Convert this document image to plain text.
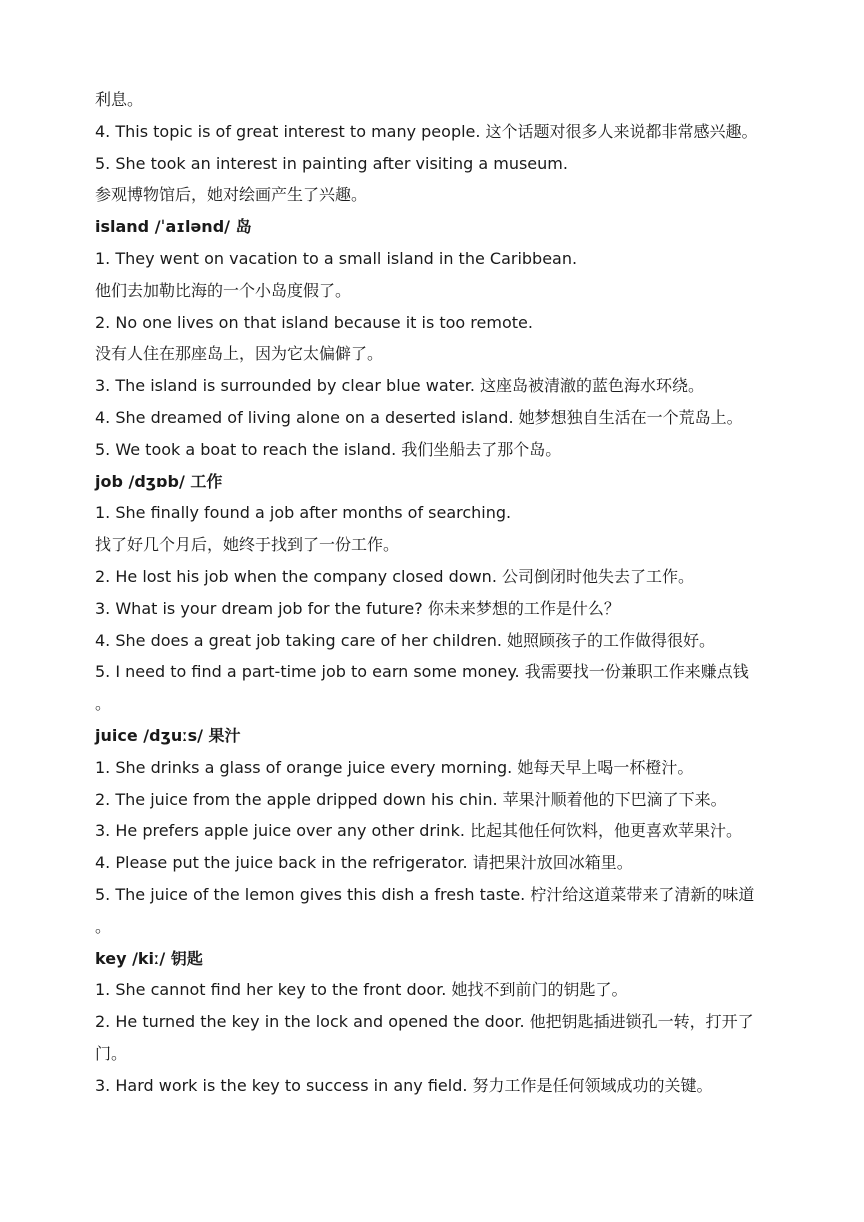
利息。
4. This topic is of great interest to many people. 这个话题对很多人来说都非常感兴趣。
5. She took an interest in painting after visiting a museum.
参观博物馆后，她对绘画产生了兴趣。
island /ˈaɪlənd/ 岛
1. They went on vacation to a small island in the Caribbean.
他们去加勒比海的一个小岛度假了。
2. No one lives on that island because it is too remote.
没有人住在那座岛上，因为它太偏僻了。
3. The island is surrounded by clear blue water. 这座岛被清澈的蓝色海水环绕。
4. She dreamed of living alone on a deserted island. 她梦想独自生活在一个荒岛上。
5. We took a boat to reach the island. 我们坐船去了那个岛。
job /dʒɒb/ 工作
1. She finally found a job after months of searching.
找了好几个月后，她终于找到了一份工作。
2. He lost his job when the company closed down. 公司倒闭时他失去了工作。
3. What is your dream job for the future? 你未来梦想的工作是什么？
4. She does a great job taking care of her children. 她照顾孩子的工作做得很好。
5. I need to find a part-time job to earn some money. 我需要找一份兼职工作来赚点钱
。
juice /dʒuːs/ 果汁
1. She drinks a glass of orange juice every morning. 她每天早上喝一杯橙汁。
2. The juice from the apple dripped down his chin. 苹果汁顺着他的下巴滴了下来。
3. He prefers apple juice over any other drink. 比起其他任何饮料，他更喜欢苹果汁。
4. Please put the juice back in the refrigerator. 请把果汁放回冰箱里。
5. The juice of the lemon gives this dish a fresh taste. 柠汁给这道菜带来了清新的味道
。
key /kiː/ 钥匙
1. She cannot find her key to the front door. 她找不到前门的钥匙了。
2. He turned the key in the lock and opened the door. 他把钥匙插进锁孔一转，打开了
门。
3. Hard work is the key to success in any field. 努力工作是任何领域成功的关键。
